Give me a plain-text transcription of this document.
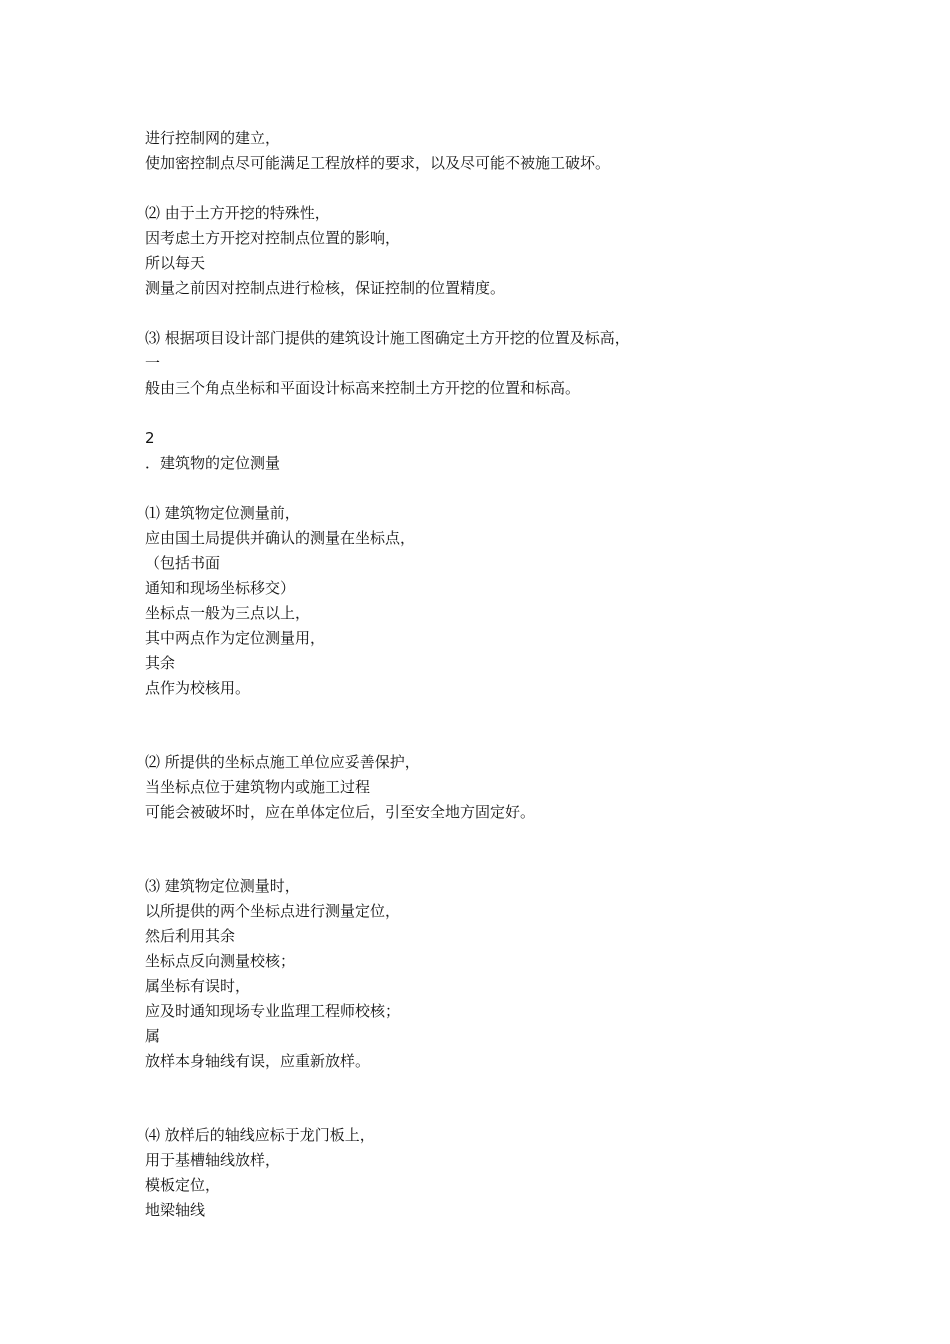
进行控制网的建立，
使加密控制点尽可能满足工程放样的要求，以及尽可能不被施工破坏。
⑵ 由于土方开挖的特殊性，
因考虑土方开挖对控制点位置的影响，
所以每天
测量之前因对控制点进行检核，保证控制的位置精度。
⑶ 根据项目设计部门提供的建筑设计施工图确定土方开挖的位置及标高，
一
般由三个角点坐标和平面设计标高来控制土方开挖的位置和标高。
2
．建筑物的定位测量
⑴ 建筑物定位测量前，
应由国土局提供并确认的测量在坐标点，
（包括书面
通知和现场坐标移交）
坐标点一般为三点以上，
其中两点作为定位测量用，
其余
点作为校核用。
⑵ 所提供的坐标点施工单位应妥善保护，
当坐标点位于建筑物内或施工过程
可能会被破坏时，应在单体定位后，引至安全地方固定好。
⑶ 建筑物定位测量时，
以所提供的两个坐标点进行测量定位，
然后利用其余
坐标点反向测量校核；
属坐标有误时，
应及时通知现场专业监理工程师校核；
属
放样本身轴线有误，应重新放样。
⑷ 放样后的轴线应标于龙门板上，
用于基槽轴线放样，
模板定位，
地梁轴线
